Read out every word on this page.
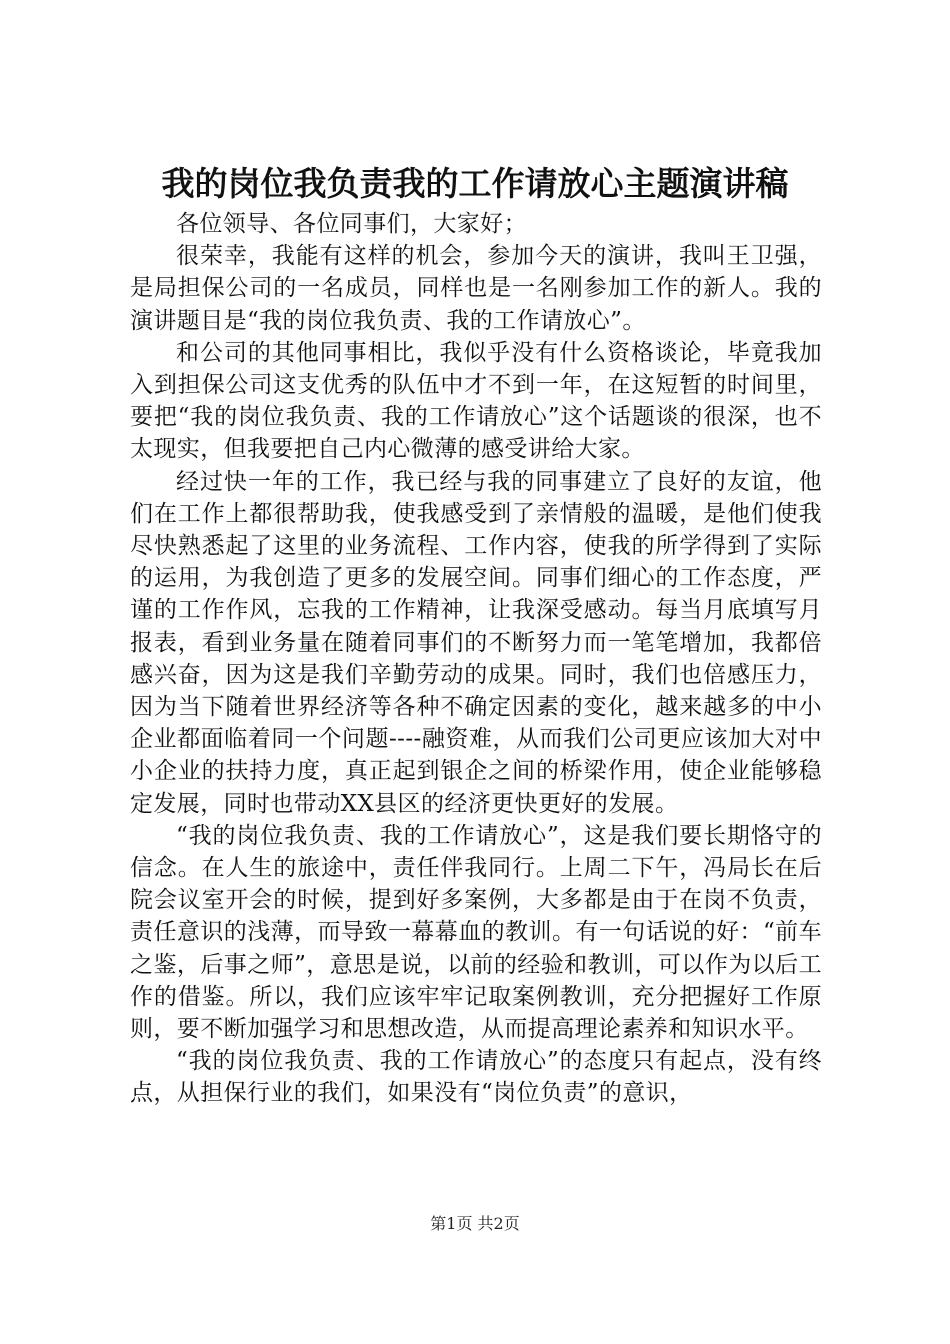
我的岗位我负责我的工作请放心主题演讲稿

各位领导、各位同事们，大家好；

很荣幸，我能有这样的机会，参加今天的演讲，我叫王卫强，是局担保公司的一名成员，同样也是一名刚参加工作的新人。我的演讲题目是“我的岗位我负责、我的工作请放心”。

和公司的其他同事相比，我似乎没有什么资格谈论，毕竟我加入到担保公司这支优秀的队伍中才不到一年，在这短暂的时间里，要把“我的岗位我负责、我的工作请放心”这个话题谈的很深，也不太现实，但我要把自己内心微薄的感受讲给大家。

经过快一年的工作，我已经与我的同事建立了良好的友谊，他们在工作上都很帮助我，使我感受到了亲情般的温暖，是他们使我尽快熟悉起了这里的业务流程、工作内容，使我的所学得到了实际的运用，为我创造了更多的发展空间。同事们细心的工作态度，严谨的工作作风，忘我的工作精神，让我深受感动。每当月底填写月报表，看到业务量在随着同事们的不断努力而一笔笔增加，我都倍感兴奋，因为这是我们辛勤劳动的成果。同时，我们也倍感压力，因为当下随着世界经济等各种不确定因素的变化，越来越多的中小企业都面临着同一个问题----融资难，从而我们公司更应该加大对中小企业的扶持力度，真正起到银企之间的桥梁作用，使企业能够稳定发展，同时也带动XX县区的经济更快更好的发展。

“我的岗位我负责、我的工作请放心”，这是我们要长期恪守的信念。在人生的旅途中，责任伴我同行。上周二下午，冯局长在后院会议室开会的时候，提到好多案例，大多都是由于在岗不负责，责任意识的浅薄，而导致一幕幕血的教训。有一句话说的好：“前车之鉴，后事之师”，意思是说，以前的经验和教训，可以作为以后工作的借鉴。所以，我们应该牢牢记取案例教训，充分把握好工作原则，要不断加强学习和思想改造，从而提高理论素养和知识水平。

“我的岗位我负责、我的工作请放心”的态度只有起点，没有终点，从担保行业的我们，如果没有“岗位负责”的意识，

第1页 共2页
